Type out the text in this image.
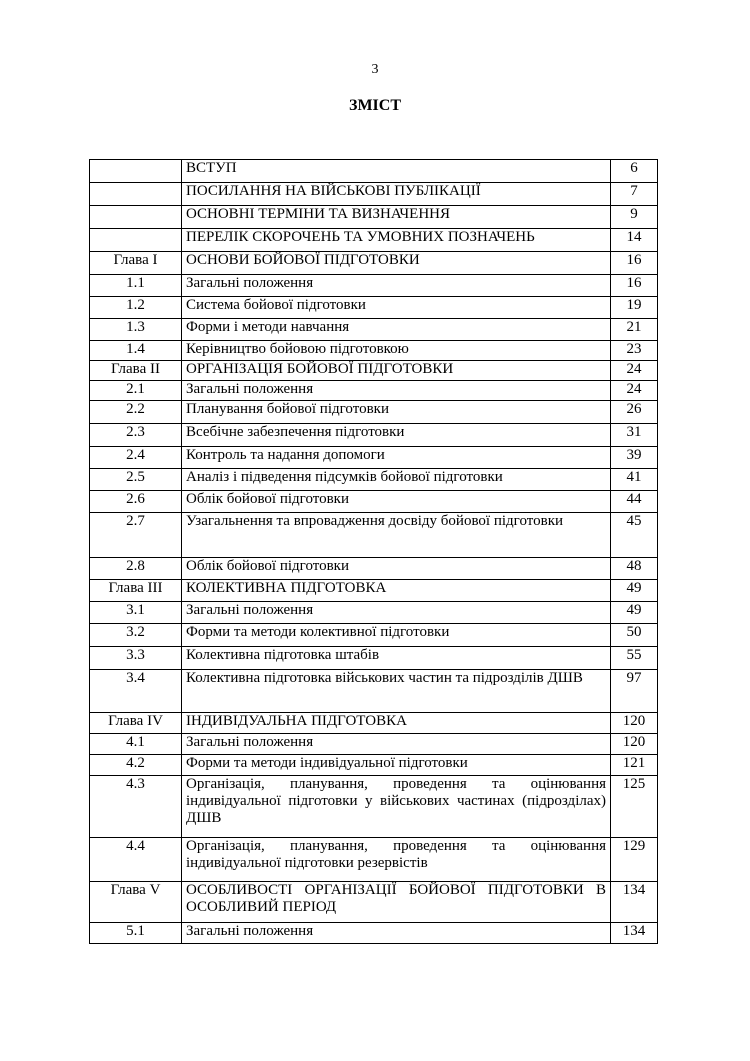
3
ЗМІСТ
	ВСТУП	6
	ПОСИЛАННЯ НА ВІЙСЬКОВІ ПУБЛІКАЦІЇ	7
	ОСНОВНІ ТЕРМІНИ ТА ВИЗНАЧЕННЯ	9
	ПЕРЕЛІК СКОРОЧЕНЬ ТА УМОВНИХ ПОЗНАЧЕНЬ	14
Глава I	ОСНОВИ БОЙОВОЇ ПІДГОТОВКИ	16
1.1	Загальні положення	16
1.2	Система бойової підготовки	19
1.3	Форми і методи навчання	21
1.4	Керівництво бойовою підготовкою	23
Глава II	ОРГАНІЗАЦІЯ БОЙОВОЇ ПІДГОТОВКИ	24
2.1	Загальні положення	24
2.2	Планування бойової підготовки	26
2.3	Всебічне забезпечення підготовки	31
2.4	Контроль та надання допомоги	39
2.5	Аналіз і підведення підсумків бойової підготовки	41
2.6	Облік бойової підготовки	44
2.7	Узагальнення та впровадження досвіду бойової підготовки	45
2.8	Облік бойової підготовки	48
Глава III	КОЛЕКТИВНА ПІДГОТОВКА	49
3.1	Загальні положення	49
3.2	Форми та методи колективної підготовки	50
3.3	Колективна підготовка штабів	55
3.4	Колективна підготовка військових частин та підрозділів ДШВ	97
Глава IV	ІНДИВІДУАЛЬНА ПІДГОТОВКА	120
4.1	Загальні положення	120
4.2	Форми та методи індивідуальної підготовки	121
4.3	Організація, планування, проведення та оцінювання індивідуальної підготовки у військових частинах (підрозділах) ДШВ	125
4.4	Організація, планування, проведення та оцінювання індивідуальної підготовки резервістів	129
Глава V	ОСОБЛИВОСТІ ОРГАНІЗАЦІЇ БОЙОВОЇ ПІДГОТОВКИ В ОСОБЛИВИЙ ПЕРІОД	134
5.1	Загальні положення	134
